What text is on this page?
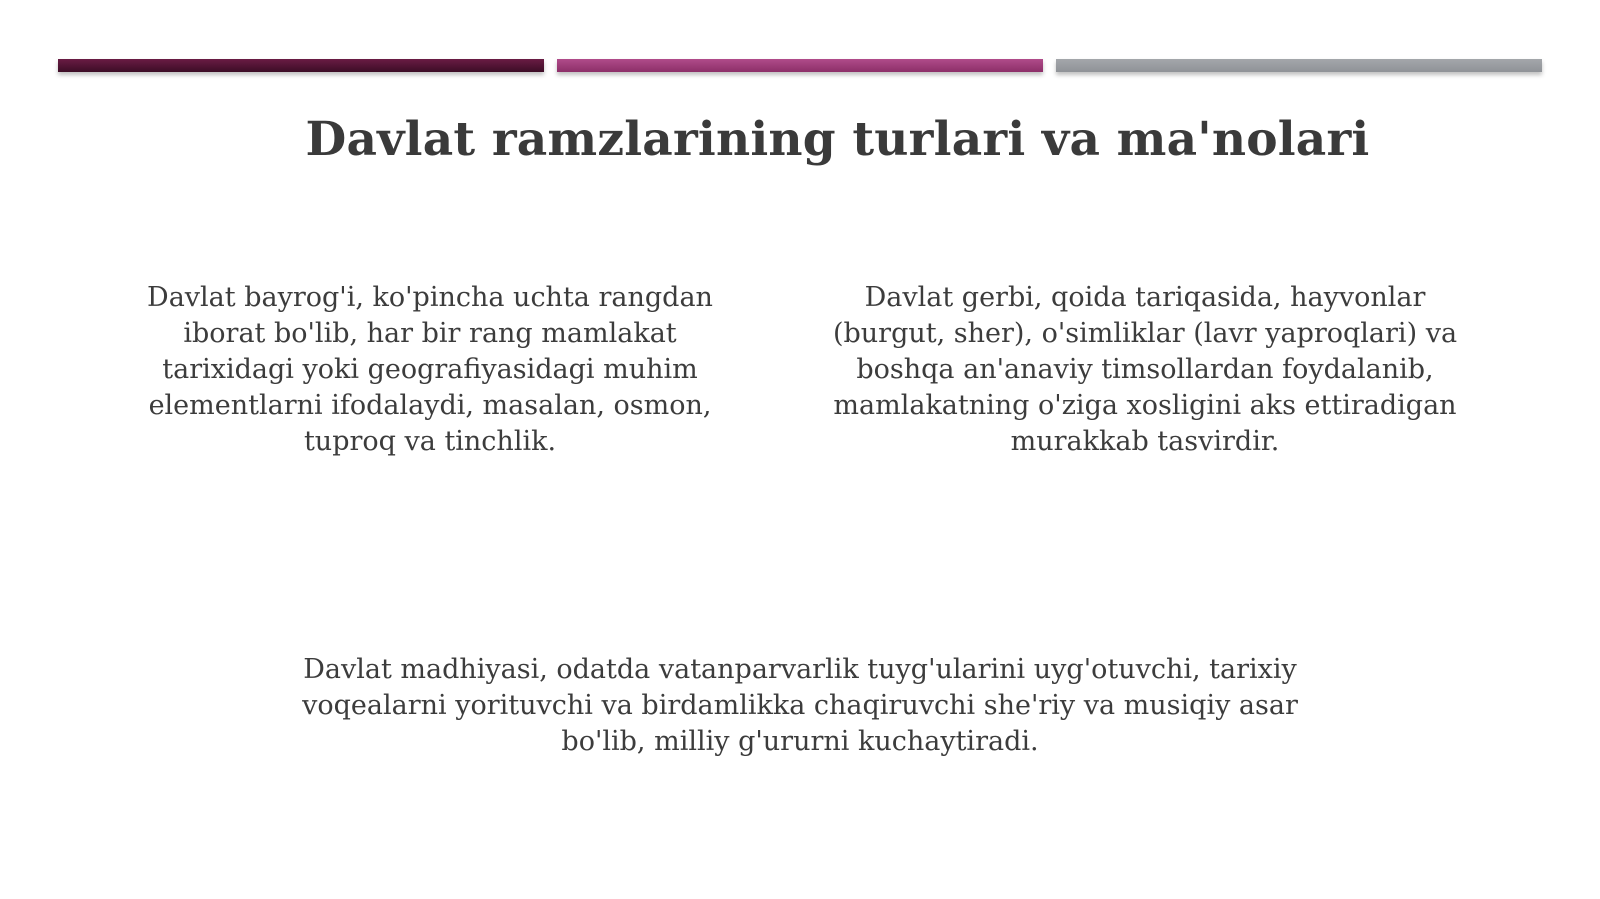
Davlat ramzlarining turlari va ma'nolari
Davlat bayrog'i, ko'pincha uchta rangdan iborat bo'lib, har bir rang mamlakat tarixidagi yoki geografiyasidagi muhim elementlarni ifodalaydi, masalan, osmon, tuproq va tinchlik.
Davlat gerbi, qoida tariqasida, hayvonlar (burgut, sher), o'simliklar (lavr yaproqlari) va boshqa an'anaviy timsollardan foydalanib, mamlakatning o'ziga xosligini aks ettiradigan murakkab tasvirdir.
Davlat madhiyasi, odatda vatanparvarlik tuyg'ularini uyg'otuvchi, tarixiy voqealarni yorituvchi va birdamlikka chaqiruvchi she'riy va musiqiy asar bo'lib, milliy g'ururni kuchaytiradi.
